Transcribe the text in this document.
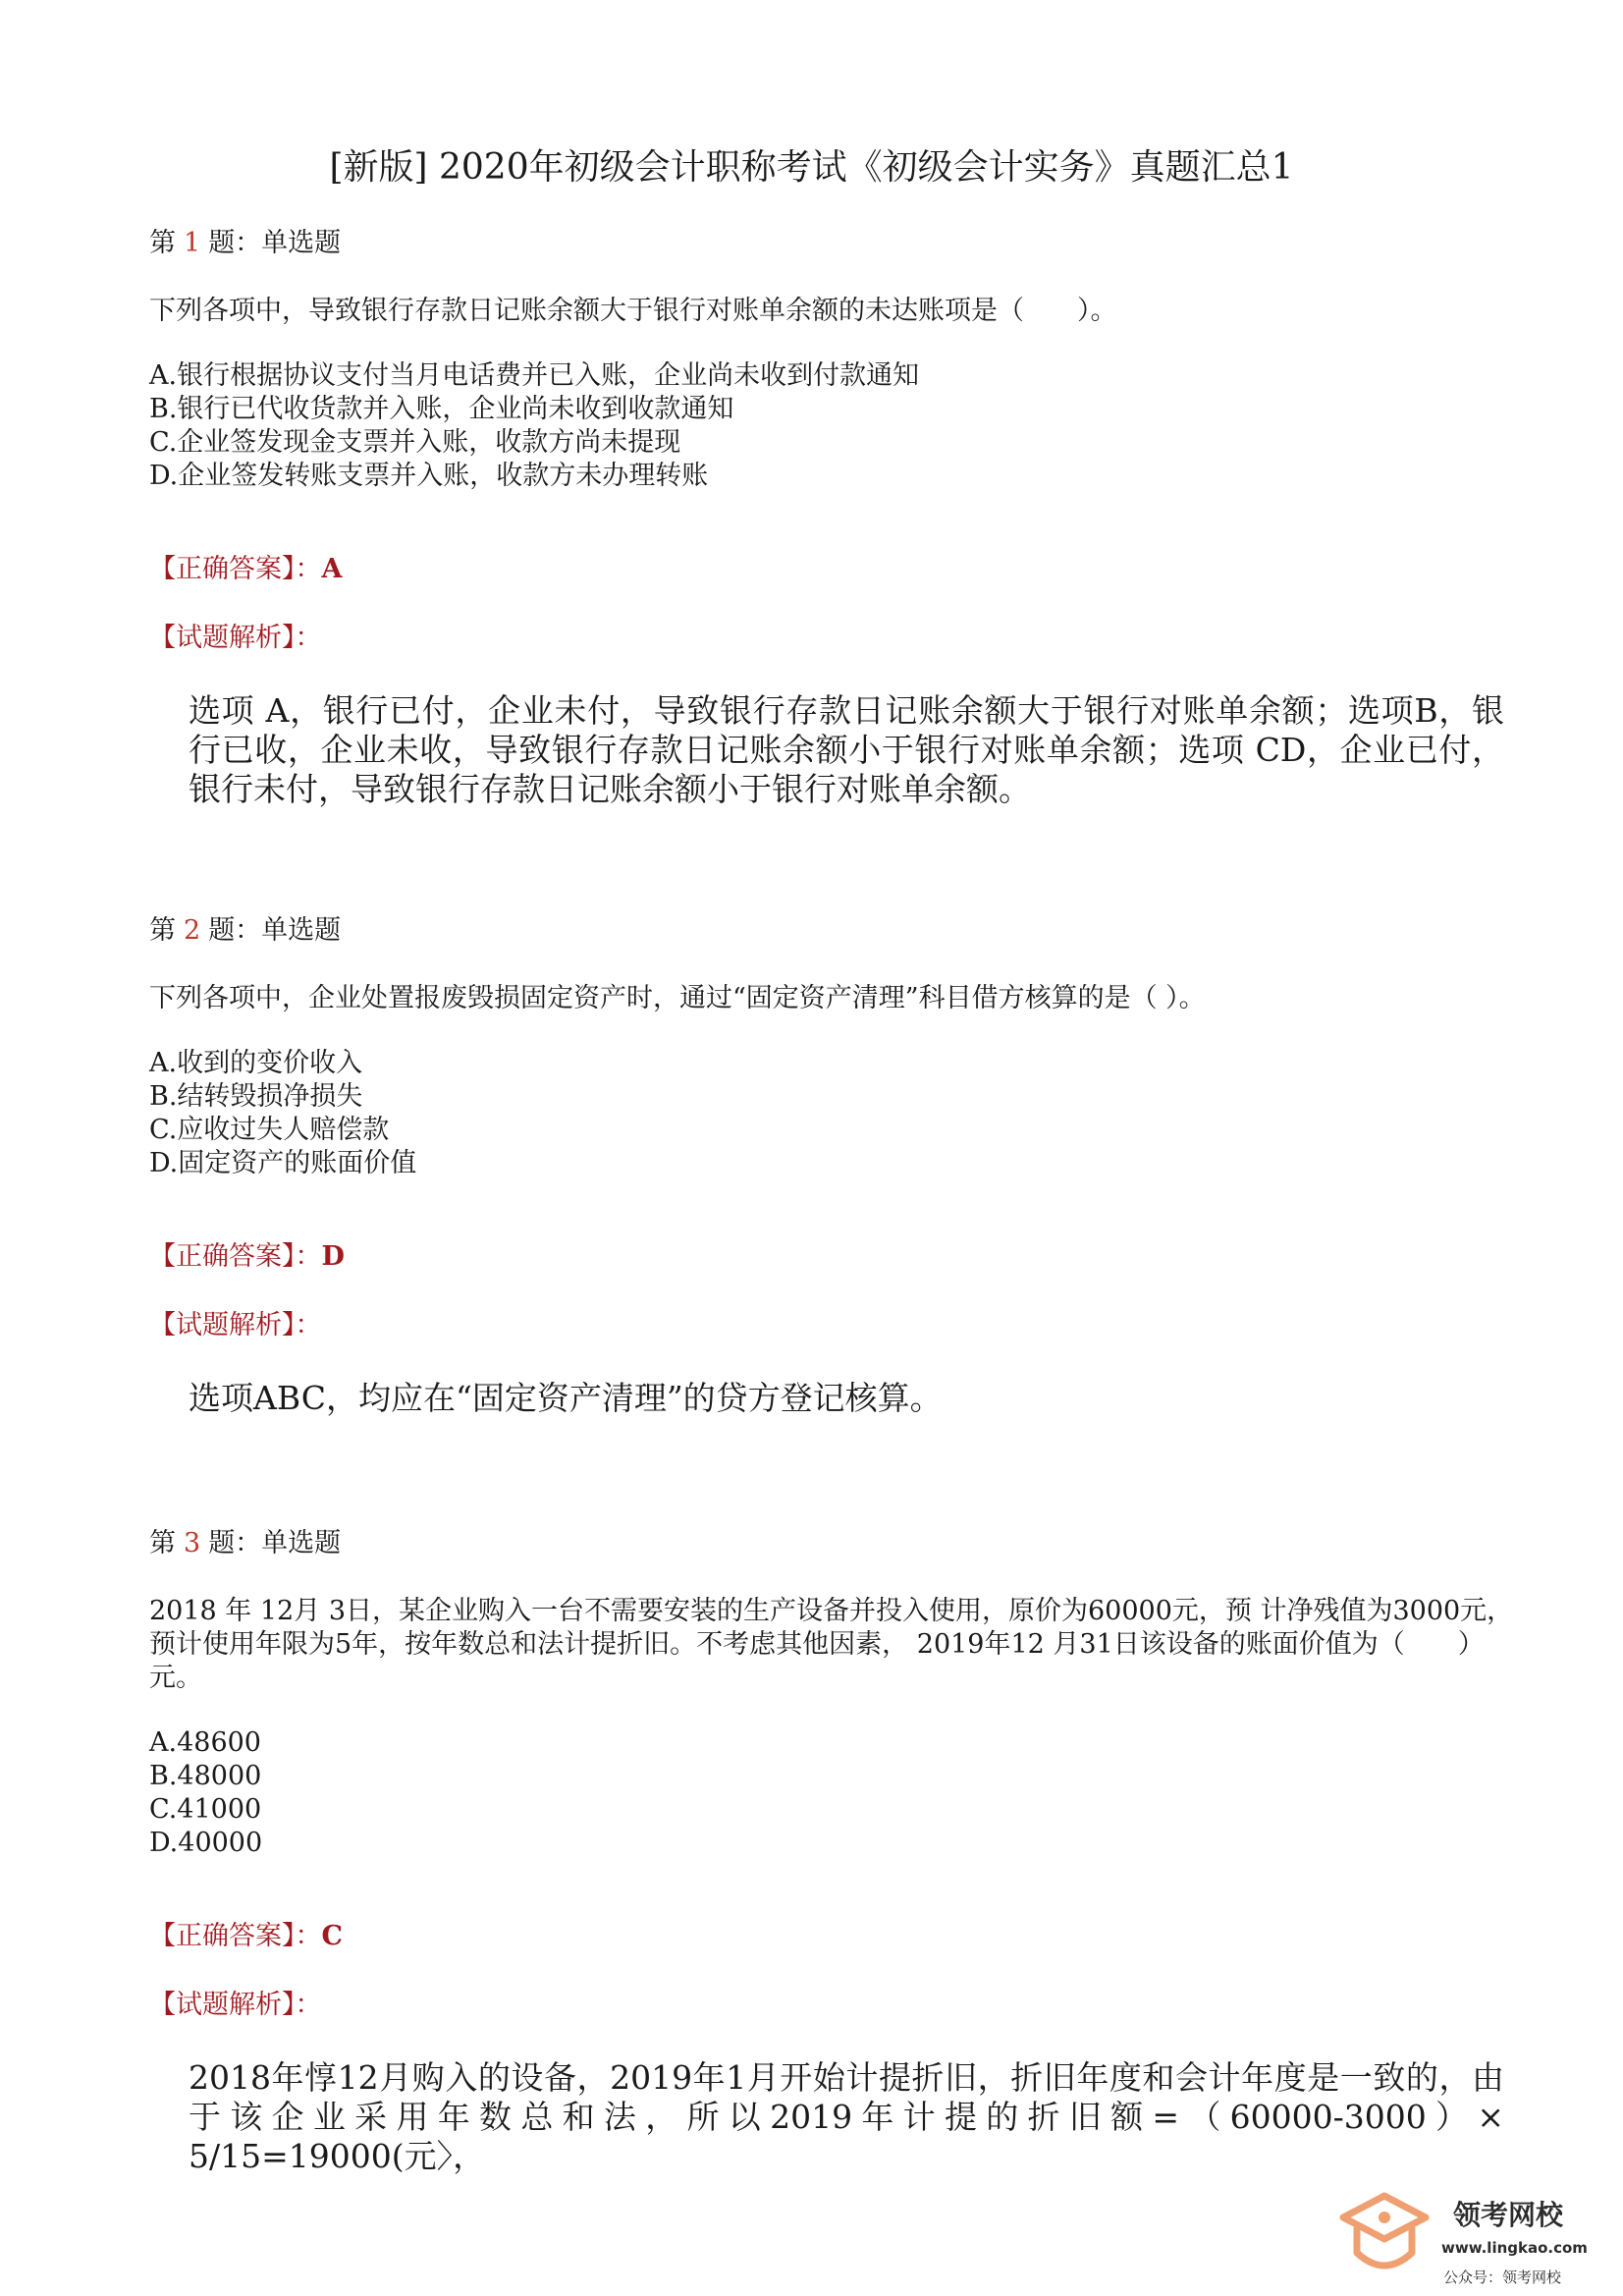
[新版] 2020年初级会计职称考试《初级会计实务》真题汇总1
第 1 题：单选题
下列各项中，导致银行存款日记账余额大于银行对账单余额的未达账项是（　　）。
A.银行根据协议支付当月电话费并已入账，企业尚未收到付款通知
B.银行已代收货款并入账，企业尚未收到收款通知
C.企业签发现金支票并入账，收款方尚未提现
D.企业签发转账支票并入账，收款方未办理转账
【正确答案】：A
【试题解析】：
选项 A，银行已付，企业未付，导致银行存款日记账余额大于银行对账单余额；选项B，银行已收，企业未收，导致银行存款日记账余额小于银行对账单余额；选项 CD，企业已付，银行未付，导致银行存款日记账余额小于银行对账单余额。
第 2 题：单选题
下列各项中，企业处置报废毁损固定资产时，通过“固定资产清理”科目借方核算的是（ ）。
A.收到的变价收入
B.结转毁损净损失
C.应收过失人赔偿款
D.固定资产的账面价值
【正确答案】：D
【试题解析】：
选项ABC，均应在“固定资产清理”的贷方登记核算。
第 3 题：单选题
2018 年 12月 3日，某企业购入一台不需要安装的生产设备并投入使用，原价为60000元，预 计净残值为3000元，预计使用年限为5年，按年数总和法计提折旧。不考虑其他因素， 2019年12 月31日该设备的账面价值为（　　）元。
A.48600
B.48000
C.41000
D.40000
【正确答案】：C
【试题解析】：
2018年惇12月购入的设备，2019年1月开始计提折旧，折旧年度和会计年度是一致的，由于该企业采用年数总和法，所以2019年计提的折旧额=（60000-3000）× 5/15=19000(元〉，
领考网校
www.lingkao.com
公众号：领考网校
